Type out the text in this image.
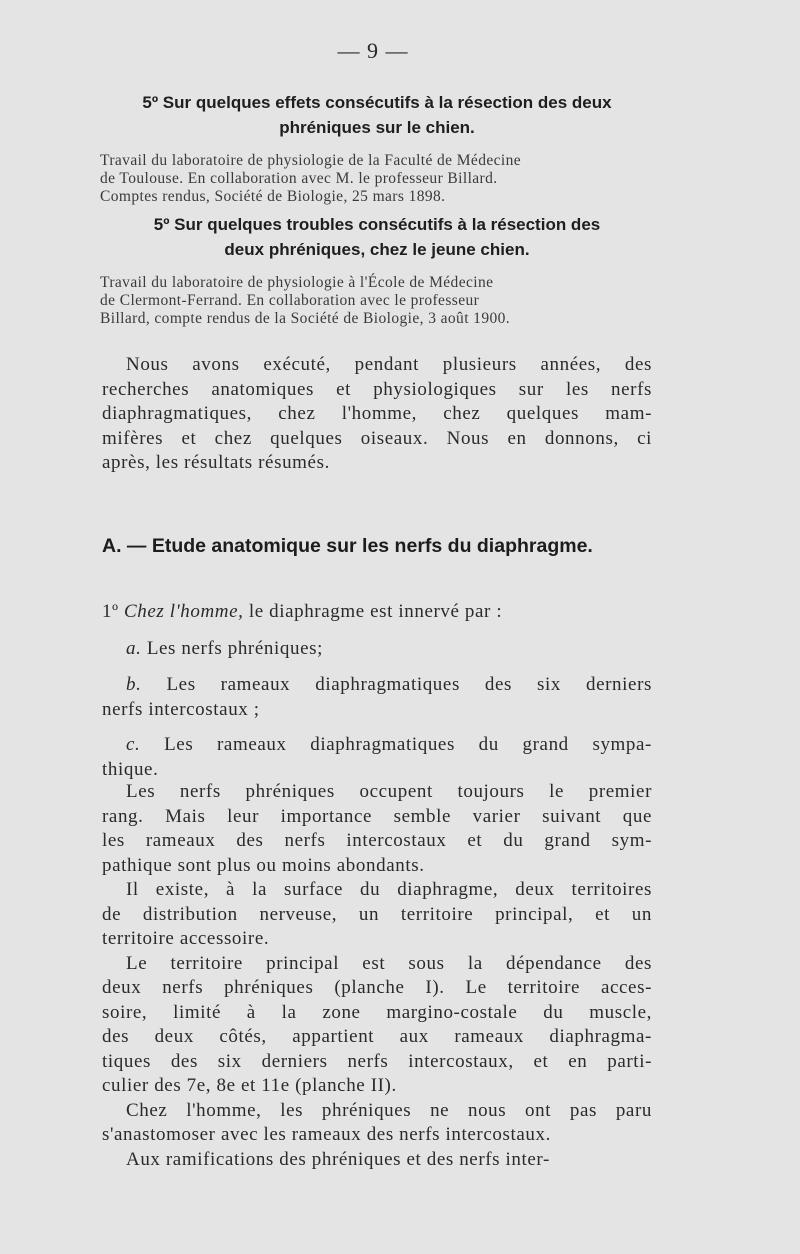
— 9 —
5º Sur quelques effets consécutifs à la résection des deux
phréniques sur le chien.
Travail du laboratoire de physiologie de la Faculté de Médecine
de Toulouse. En collaboration avec M. le professeur Billard.
Comptes rendus, Société de Biologie, 25 mars 1898.
5º Sur quelques troubles consécutifs à la résection des
deux phréniques, chez le jeune chien.
Travail du laboratoire de physiologie à l'École de Médecine
de Clermont-Ferrand. En collaboration avec le professeur
Billard, compte rendus de la Société de Biologie, 3 août 1900.
Nous avons exécuté, pendant plusieurs années, des
recherches anatomiques et physiologiques sur les nerfs
diaphragmatiques, chez l'homme, chez quelques mam-
mifères et chez quelques oiseaux. Nous en donnons, ci
après, les résultats résumés.
A. — Etude anatomique sur les nerfs du diaphragme.
1º Chez l'homme, le diaphragme est innervé par :
a. Les nerfs phréniques;
b. Les rameaux diaphragmatiques des six derniers
nerfs intercostaux ;
c. Les rameaux diaphragmatiques du grand sympa-
thique.
Les nerfs phréniques occupent toujours le premier
rang. Mais leur importance semble varier suivant que
les rameaux des nerfs intercostaux et du grand sym-
pathique sont plus ou moins abondants.
Il existe, à la surface du diaphragme, deux territoires
de distribution nerveuse, un territoire principal, et un
territoire accessoire.
Le territoire principal est sous la dépendance des
deux nerfs phréniques (planche I). Le territoire acces-
soire, limité à la zone margino-costale du muscle,
des deux côtés, appartient aux rameaux diaphragma-
tiques des six derniers nerfs intercostaux, et en parti-
culier des 7e, 8e et 11e (planche II).
Chez l'homme, les phréniques ne nous ont pas paru
s'anastomoser avec les rameaux des nerfs intercostaux.
Aux ramifications des phréniques et des nerfs inter-
